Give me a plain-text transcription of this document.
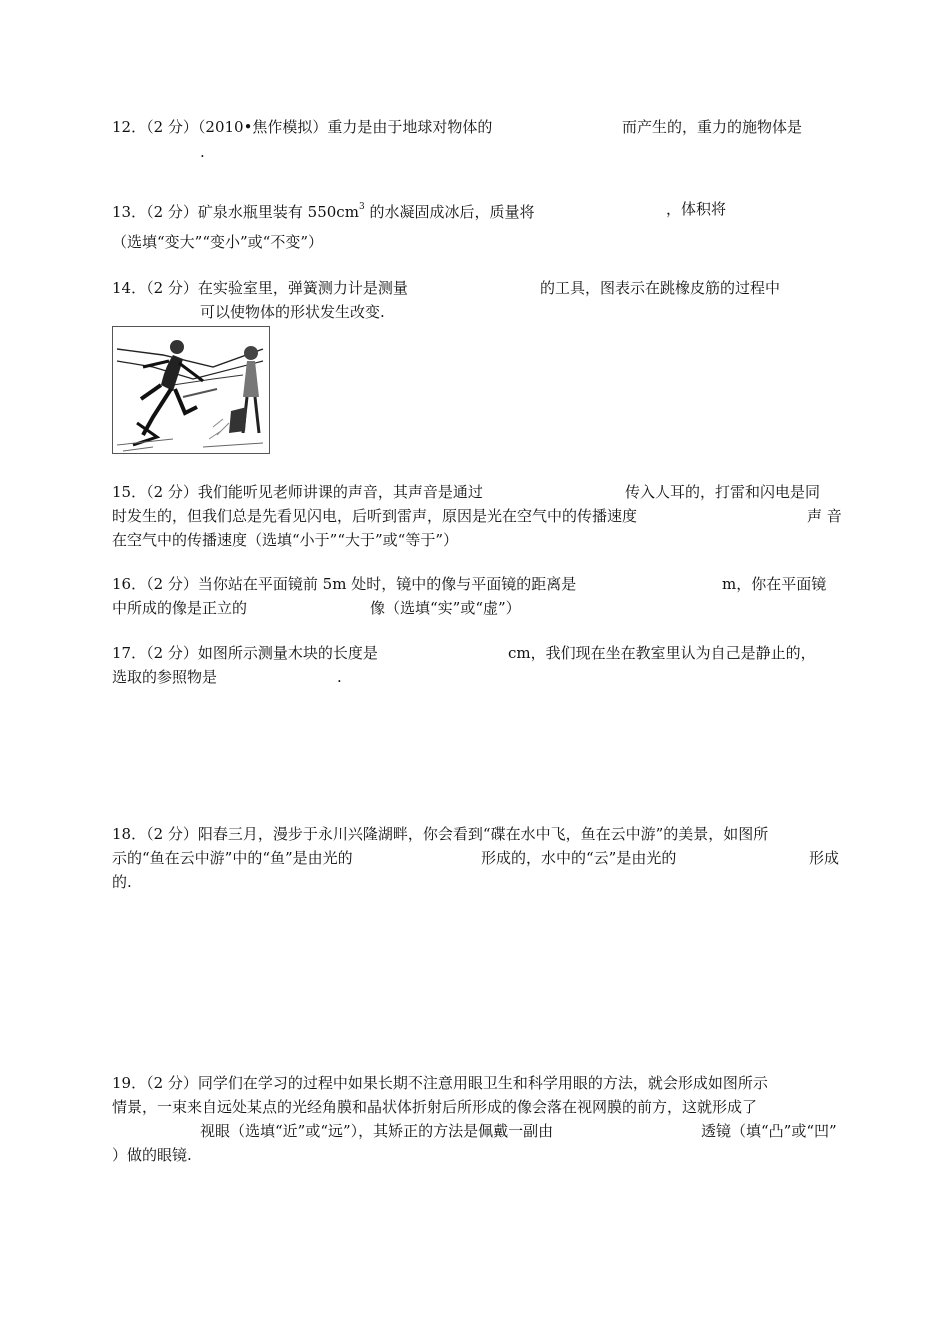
12．（2 分）（2010•焦作模拟）重力是由于地球对物体的	而产生的，重力的施物体是
.
13．（2 分）矿泉水瓶里装有 $550cm^3$ 的水凝固成冰后，质量将	，体积将
（选填“变大”“变小”或“不变”）
14．（2 分）在实验室里，弹簧测力计是测量	的工具，图表示在跳橡皮筋的过程中
可以使物体的形状发生改变.
15．（2 分）我们能听见老师讲课的声音，其声音是通过	传入人耳的，打雷和闪电是同
时发生的，但我们总是先看见闪电，后听到雷声，原因是光在空气中的传播速度	声 音
在空气中的传播速度（选填“小于”“大于”或“等于”）
16．（2 分）当你站在平面镜前 5m 处时，镜中的像与平面镜的距离是	m，你在平面镜
中所成的像是正立的	像（选填“实”或“虚”）
17．（2 分）如图所示测量木块的长度是	cm，我们现在坐在教室里认为自己是静止的，
选取的参照物是	.
18．（2 分）阳春三月，漫步于永川兴隆湖畔，你会看到“碟在水中飞，鱼在云中游”的美景，如图所
示的“鱼在云中游”中的“鱼”是由光的	形成的，水中的“云”是由光的	形成
的.
19．（2 分）同学们在学习的过程中如果长期不注意用眼卫生和科学用眼的方法，就会形成如图所示
情景，一束来自远处某点的光经角膜和晶状体折射后所形成的像会落在视网膜的前方，这就形成了
视眼（选填“近”或“远”），其矫正的方法是佩戴一副由	透镜（填“凸”或“凹”
）做的眼镜.
